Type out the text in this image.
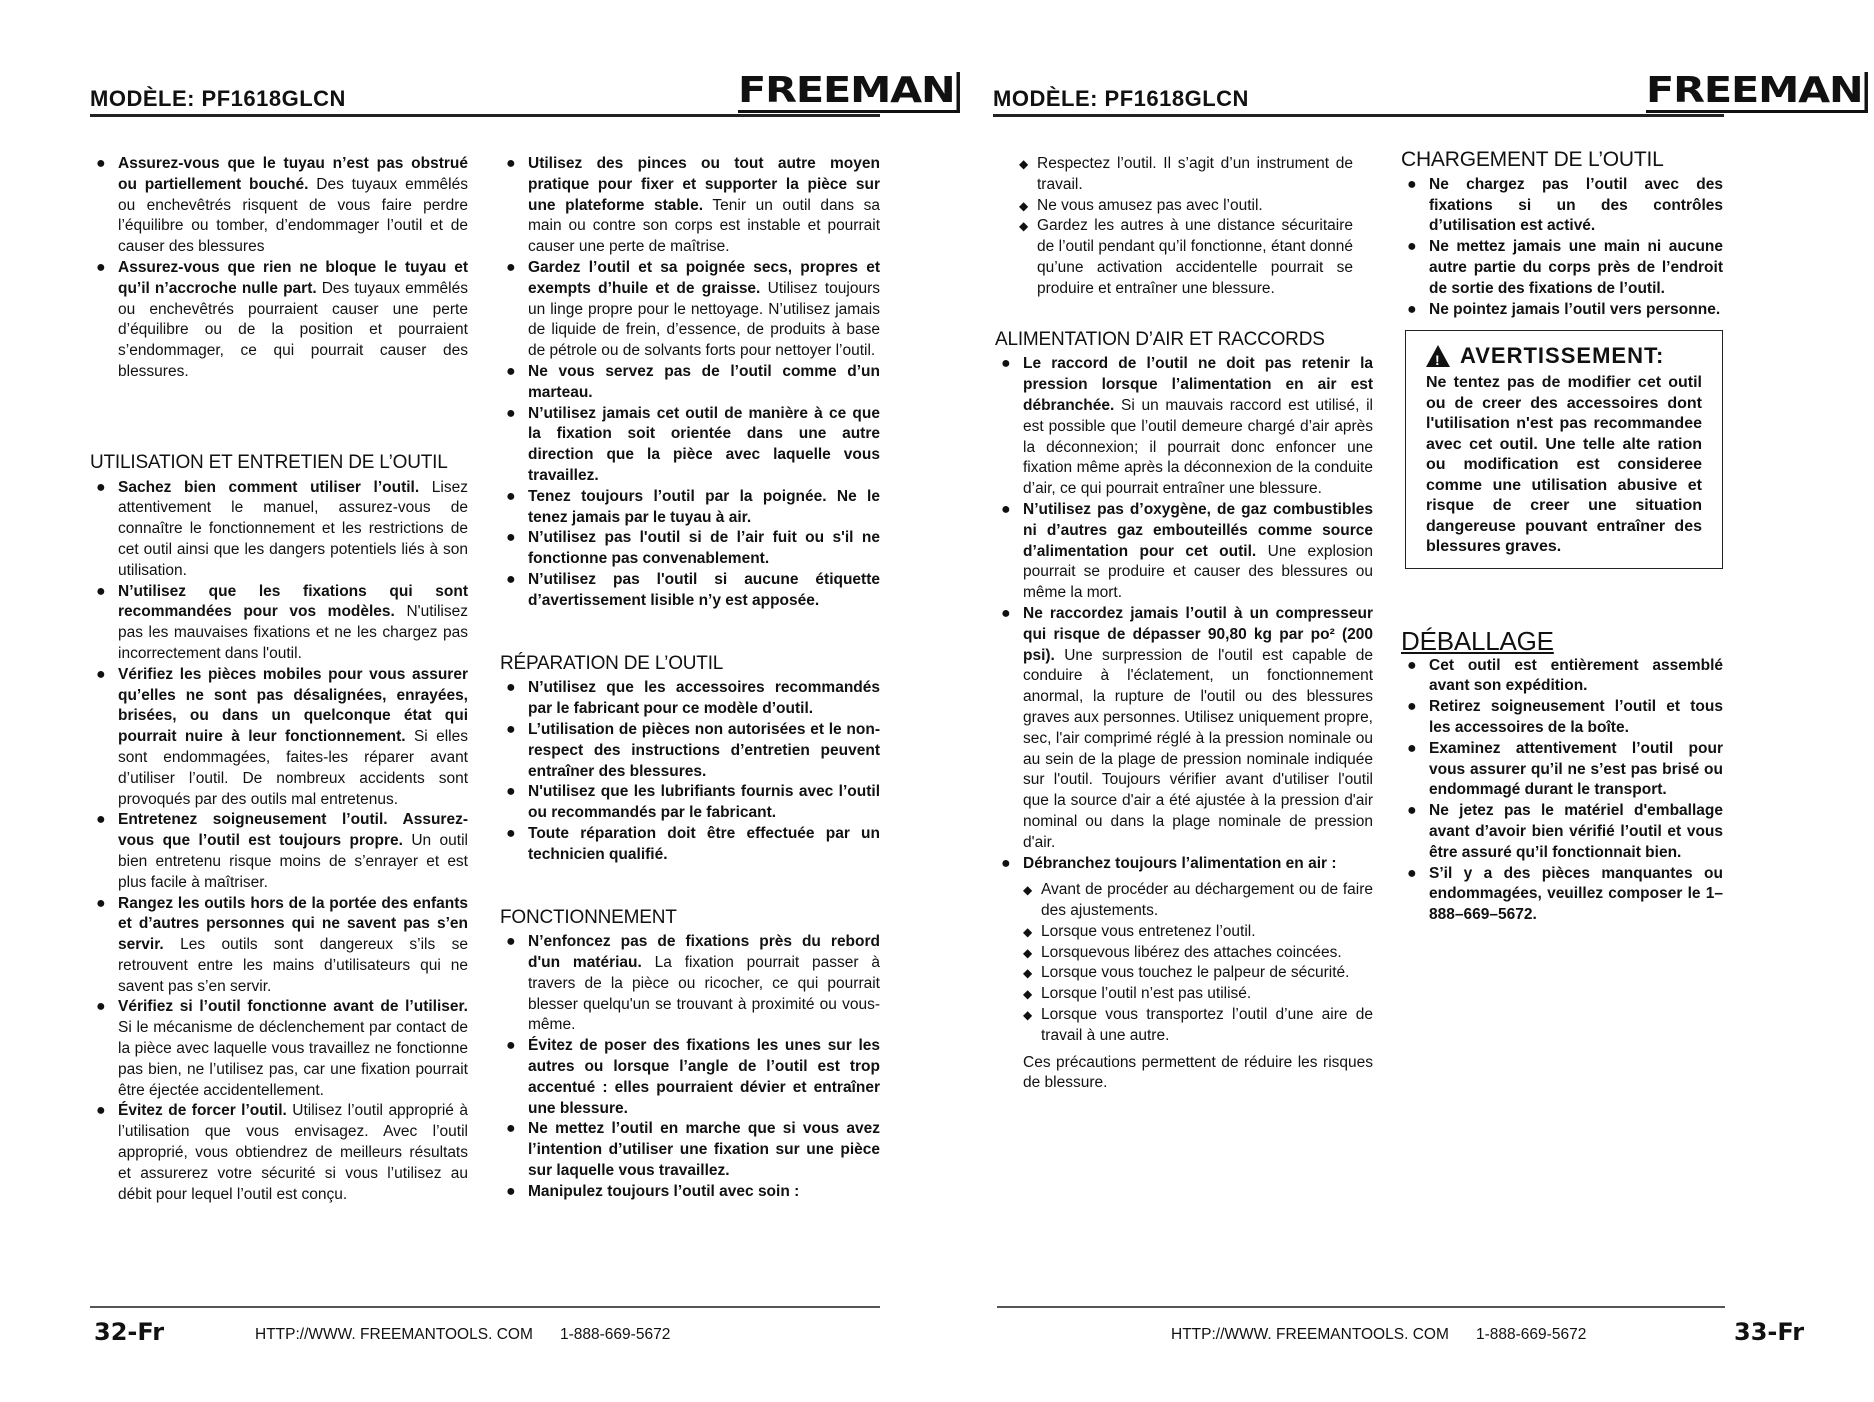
MODÈLE: PF1618GLCN	FREEMAN

● Assurez-vous que le tuyau n’est pas obstrué ou partiellement bouché. Des tuyaux emmêlés ou enchevêtrés risquent de vous faire perdre l’équilibre ou tomber, d’endommager l’outil et de causer des blessures

● Assurez-vous que rien ne bloque le tuyau et qu’il n’accroche nulle part. Des tuyaux emmêlés ou enchevêtrés pourraient causer une perte d’équilibre ou de la position et pourraient s’endommager, ce qui pourrait causer des blessures.

UTILISATION ET ENTRETIEN DE L’OUTIL

● Sachez bien comment utiliser l’outil. Lisez attentivement le manuel, assurez-vous de connaître le fonctionnement et les restrictions de cet outil ainsi que les dangers potentiels liés à son utilisation.

● N’utilisez que les fixations qui sont recommandées pour vos modèles. N'utilisez pas les mauvaises fixations et ne les chargez pas incorrectement dans l'outil.

● Vérifiez les pièces mobiles pour vous assurer qu’elles ne sont pas désalignées, enrayées, brisées, ou dans un quelconque état qui pourrait nuire à leur fonctionnement. Si elles sont endommagées, faites-les réparer avant d’utiliser l’outil. De nombreux accidents sont provoqués par des outils mal entretenus.

● Entretenez soigneusement l’outil. Assurez-vous que l’outil est toujours propre. Un outil bien entretenu risque moins de s’enrayer et est plus facile à maîtriser.

● Rangez les outils hors de la portée des enfants et d’autres personnes qui ne savent pas s’en servir. Les outils sont dangereux s’ils se retrouvent entre les mains d’utilisateurs qui ne savent pas s’en servir.

● Vérifiez si l’outil fonctionne avant de l’utiliser. Si le mécanisme de déclenchement par contact de la pièce avec laquelle vous travaillez ne fonctionne pas bien, ne l’utilisez pas, car une fixation pourrait être éjectée accidentellement.

● Évitez de forcer l’outil. Utilisez l’outil approprié à l’utilisation que vous envisagez. Avec l’outil approprié, vous obtiendrez de meilleurs résultats et assurerez votre sécurité si vous l’utilisez au débit pour lequel l’outil est conçu.

● Utilisez des pinces ou tout autre moyen pratique pour fixer et supporter la pièce sur une plateforme stable. Tenir un outil dans sa main ou contre son corps est instable et pourrait causer une perte de maîtrise.

● Gardez l’outil et sa poignée secs, propres et exempts d’huile et de graisse. Utilisez toujours un linge propre pour le nettoyage. N’utilisez jamais de liquide de frein, d’essence, de produits à base de pétrole ou de solvants forts pour nettoyer l’outil.

● Ne vous servez pas de l’outil comme d’un marteau.

● N’utilisez jamais cet outil de manière à ce que la fixation soit orientée dans une autre direction que la pièce avec laquelle vous travaillez.

● Tenez toujours l’outil par la poignée. Ne le tenez jamais par le tuyau à air.

● N’utilisez pas l'outil si de l’air fuit ou s'il ne fonctionne pas convenablement.

● N’utilisez pas l'outil si aucune étiquette d’avertissement lisible n’y est apposée.

RÉPARATION DE L’OUTIL

● N’utilisez que les accessoires recommandés par le fabricant pour ce modèle d’outil.

● L’utilisation de pièces non autorisées et le non-respect des instructions d’entretien peuvent entraîner des blessures.

● N'utilisez que les lubrifiants fournis avec l’outil ou recommandés par le fabricant.

● Toute réparation doit être effectuée par un technicien qualifié.

FONCTIONNEMENT

● N’enfoncez pas de fixations près du rebord d'un matériau. La fixation pourrait passer à travers de la pièce ou ricocher, ce qui pourrait blesser quelqu'un se trouvant à proximité ou vous-même.

● Évitez de poser des fixations les unes sur les autres ou lorsque l’angle de l’outil est trop accentué : elles pourraient dévier et entraîner une blessure.

● Ne mettez l’outil en marche que si vous avez l’intention d’utiliser une fixation sur une pièce sur laquelle vous travaillez.

● Manipulez toujours l’outil avec soin :

32-Fr	HTTP://WWW. FREEMANTOOLS. COM 1-888-669-5672
MODÈLE: PF1618GLCN	FREEMAN

◆ Respectez l’outil. Il s’agit d’un instrument de travail.

◆ Ne vous amusez pas avec l’outil.

◆ Gardez les autres à une distance sécuritaire de l’outil pendant qu’il fonctionne, étant donné qu’une activation accidentelle pourrait se produire et entraîner une blessure.

ALIMENTATION D’AIR ET RACCORDS

● Le raccord de l’outil ne doit pas retenir la pression lorsque l’alimentation en air est débranchée. Si un mauvais raccord est utilisé, il est possible que l’outil demeure chargé d’air après la déconnexion; il pourrait donc enfoncer une fixation même après la déconnexion de la conduite d’air, ce qui pourrait entraîner une blessure.

● N’utilisez pas d’oxygène, de gaz combustibles ni d’autres gaz embouteillés comme source d’alimentation pour cet outil. Une explosion pourrait se produire et causer des blessures ou même la mort.

● Ne raccordez jamais l’outil à un compresseur qui risque de dépasser 90,80 kg par po² (200 psi). Une surpression de l'outil est capable de conduire à l'éclatement, un fonctionnement anormal, la rupture de l'outil ou des blessures graves aux personnes. Utilisez uniquement propre, sec, l'air comprimé réglé à la pression nominale ou au sein de la plage de pression nominale indiquée sur l'outil. Toujours vérifier avant d'utiliser l'outil que la source d'air a été ajustée à la pression d'air nominal ou dans la plage nominale de pression d'air.

● Débranchez toujours l’alimentation en air :

◆ Avant de procéder au déchargement ou de faire des ajustements.

◆ Lorsque vous entretenez l’outil.

◆ Lorsquevous libérez des attaches coincées.

◆ Lorsque vous touchez le palpeur de sécurité.

◆ Lorsque l’outil n’est pas utilisé.

◆ Lorsque vous transportez l’outil d’une aire de travail à une autre.

Ces précautions permettent de réduire les risques de blessure.

CHARGEMENT DE L’OUTIL

● Ne chargez pas l’outil avec des fixations si un des contrôles d’utilisation est activé.

● Ne mettez jamais une main ni aucune autre partie du corps près de l’endroit de sortie des fixations de l’outil.

● Ne pointez jamais l’outil vers personne.

! AVERTISSEMENT:
Ne tentez pas de modifier cet outil ou de creer des accessoires dont l'utilisation n'est pas recommandee avec cet outil. Une telle alte ration ou modification est consideree comme une utilisation abusive et risque de creer une situation dangereuse pouvant entraîner des blessures graves.
DÉBALLAGE

● Cet outil est entièrement assemblé avant son expédition.

● Retirez soigneusement l’outil et tous les accessoires de la boîte.

● Examinez attentivement l’outil pour vous assurer qu’il ne s’est pas brisé ou endommagé durant le transport.

● Ne jetez pas le matériel d'emballage avant d’avoir bien vérifié l’outil et vous être assuré qu’il fonctionnait bien.

● S’il y a des pièces manquantes ou endommagées, veuillez composer le 1–888–669–5672.

33-Fr
HTTP://WWW. FREEMANTOOLS. COM 1-888-669-5672
